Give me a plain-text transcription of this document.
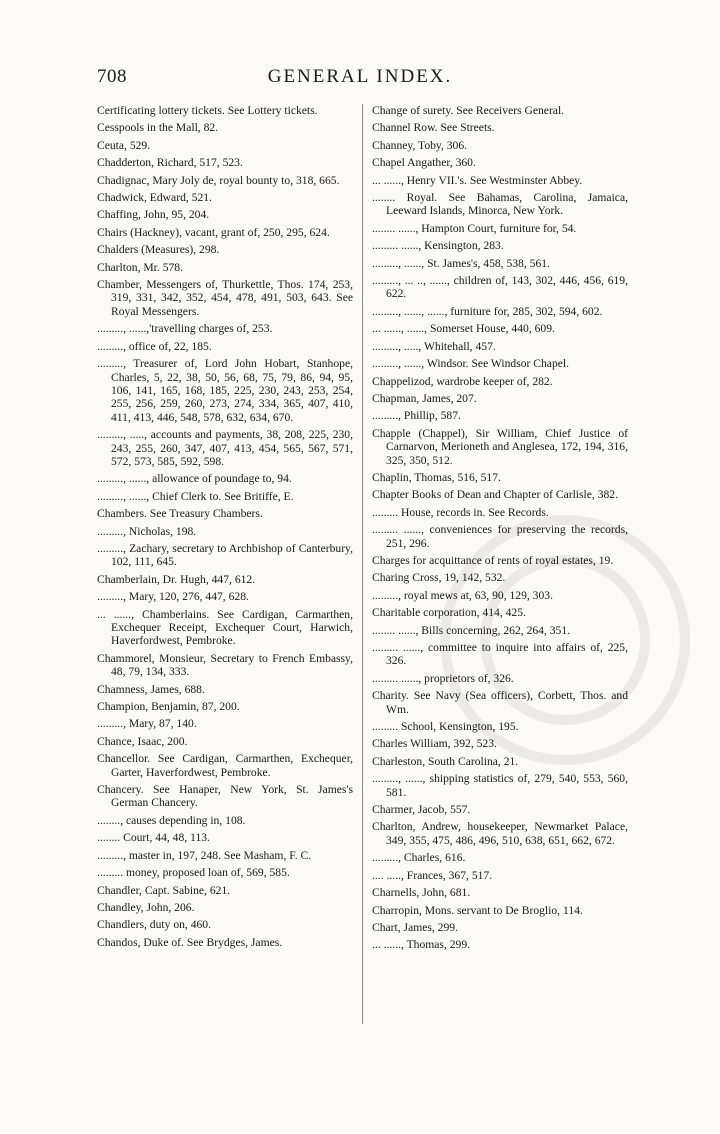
708	GENERAL INDEX.

Certificating lottery tickets. See Lottery tickets.

Cesspools in the Mall, 82.

Ceuta, 529.

Chadderton, Richard, 517, 523.

Chadignac, Mary Joly de, royal bounty to, 318, 665.

Chadwick, Edward, 521.

Chaffing, John, 95, 204.

Chairs (Hackney), vacant, grant of, 250, 295, 624.

Chalders (Measures), 298.

Charlton, Mr. 578.

Chamber, Messengers of, Thurkettle, Thos. 174, 253, 319, 331, 342, 352, 454, 478, 491, 503, 643. See Royal Messengers.

........., ......,'travelling charges of, 253.

........., office of, 22, 185.

........., Treasurer of, Lord John Hobart, Stanhope, Charles, 5, 22, 38, 50, 56, 68, 75, 79, 86, 94, 95, 106, 141, 165, 168, 185, 225, 230, 243, 253, 254, 255, 256, 259, 260, 273, 274, 334, 365, 407, 410, 411, 413, 446, 548, 578, 632, 634, 670.

........., ....., accounts and payments, 38, 208, 225, 230, 243, 255, 260, 347, 407, 413, 454, 565, 567, 571, 572, 573, 585, 592, 598.

........., ......, allowance of poundage to, 94.

........., ......, Chief Clerk to. See Britiffe, E.

Chambers. See Treasury Chambers.

........., Nicholas, 198.

........., Zachary, secretary to Archbishop of Canterbury, 102, 111, 645.

Chamberlain, Dr. Hugh, 447, 612.

........., Mary, 120, 276, 447, 628.

... ......, Chamberlains. See Cardigan, Carmarthen, Exchequer Receipt, Exchequer Court, Harwich, Haverfordwest, Pembroke.

Chammorel, Monsieur, Secretary to French Embassy, 48, 79, 134, 333.

Chamness, James, 688.

Champion, Benjamin, 87, 200.

........., Mary, 87, 140.

Chance, Isaac, 200.

Chancellor. See Cardigan, Carmarthen, Exchequer, Garter, Haverfordwest, Pembroke.

Chancery. See Hanaper, New York, St. James's German Chancery.

........, causes depending in, 108.

........ Court, 44, 48, 113.

........., master in, 197, 248. See Masham, F. C.

......... money, proposed loan of, 569, 585.

Chandler, Capt. Sabine, 621.

Chandley, John, 206.

Chandlers, duty on, 460.

Chandos, Duke of. See Brydges, James.

Change of surety. See Receivers General.

Channel Row. See Streets.

Channey, Toby, 306.

Chapel Angather, 360.

... ......, Henry VII.'s. See Westminster Abbey.

........ Royal. See Bahamas, Carolina, Jamaica, Leeward Islands, Minorca, New York.

........ ......, Hampton Court, furniture for, 54.

......... ......, Kensington, 283.

........., ......, St. James's, 458, 538, 561.

........., ... .., ......, children of, 143, 302, 446, 456, 619, 622.

........., ......, ......, furniture for, 285, 302, 594, 602.

... ......, ......, Somerset House, 440, 609.

........., ....., Whitehall, 457.

........., ......, Windsor. See Windsor Chapel.

Chappelizod, wardrobe keeper of, 282.

Chapman, James, 207.

........., Phillip, 587.

Chapple (Chappel), Sir William, Chief Justice of Carnarvon, Merioneth and Anglesea, 172, 194, 316, 325, 350, 512.

Chaplin, Thomas, 516, 517.

Chapter Books of Dean and Chapter of Carlisle, 382.

......... House, records in. See Records.

......... ......, conveniences for preserving the records, 251, 296.

Charges for acquittance of rents of royal estates, 19.

Charing Cross, 19, 142, 532.

........., royal mews at, 63, 90, 129, 303.

Charitable corporation, 414, 425.

........ ......, Bills concerning, 262, 264, 351.

......... ......, committee to inquire into affairs of, 225, 326.

......... ......, proprietors of, 326.

Charity. See Navy (Sea officers), Corbett, Thos. and Wm.

......... School, Kensington, 195.

Charles William, 392, 523.

Charleston, South Carolina, 21.

........., ......, shipping statistics of, 279, 540, 553, 560, 581.

Charmer, Jacob, 557.

Charlton, Andrew, housekeeper, Newmarket Palace, 349, 355, 475, 486, 496, 510, 638, 651, 662, 672.

........., Charles, 616.

.... ....., Frances, 367, 517.

Charnells, John, 681.

Charropin, Mons. servant to De Broglio, 114.

Chart, James, 299.

... ......, Thomas, 299.
